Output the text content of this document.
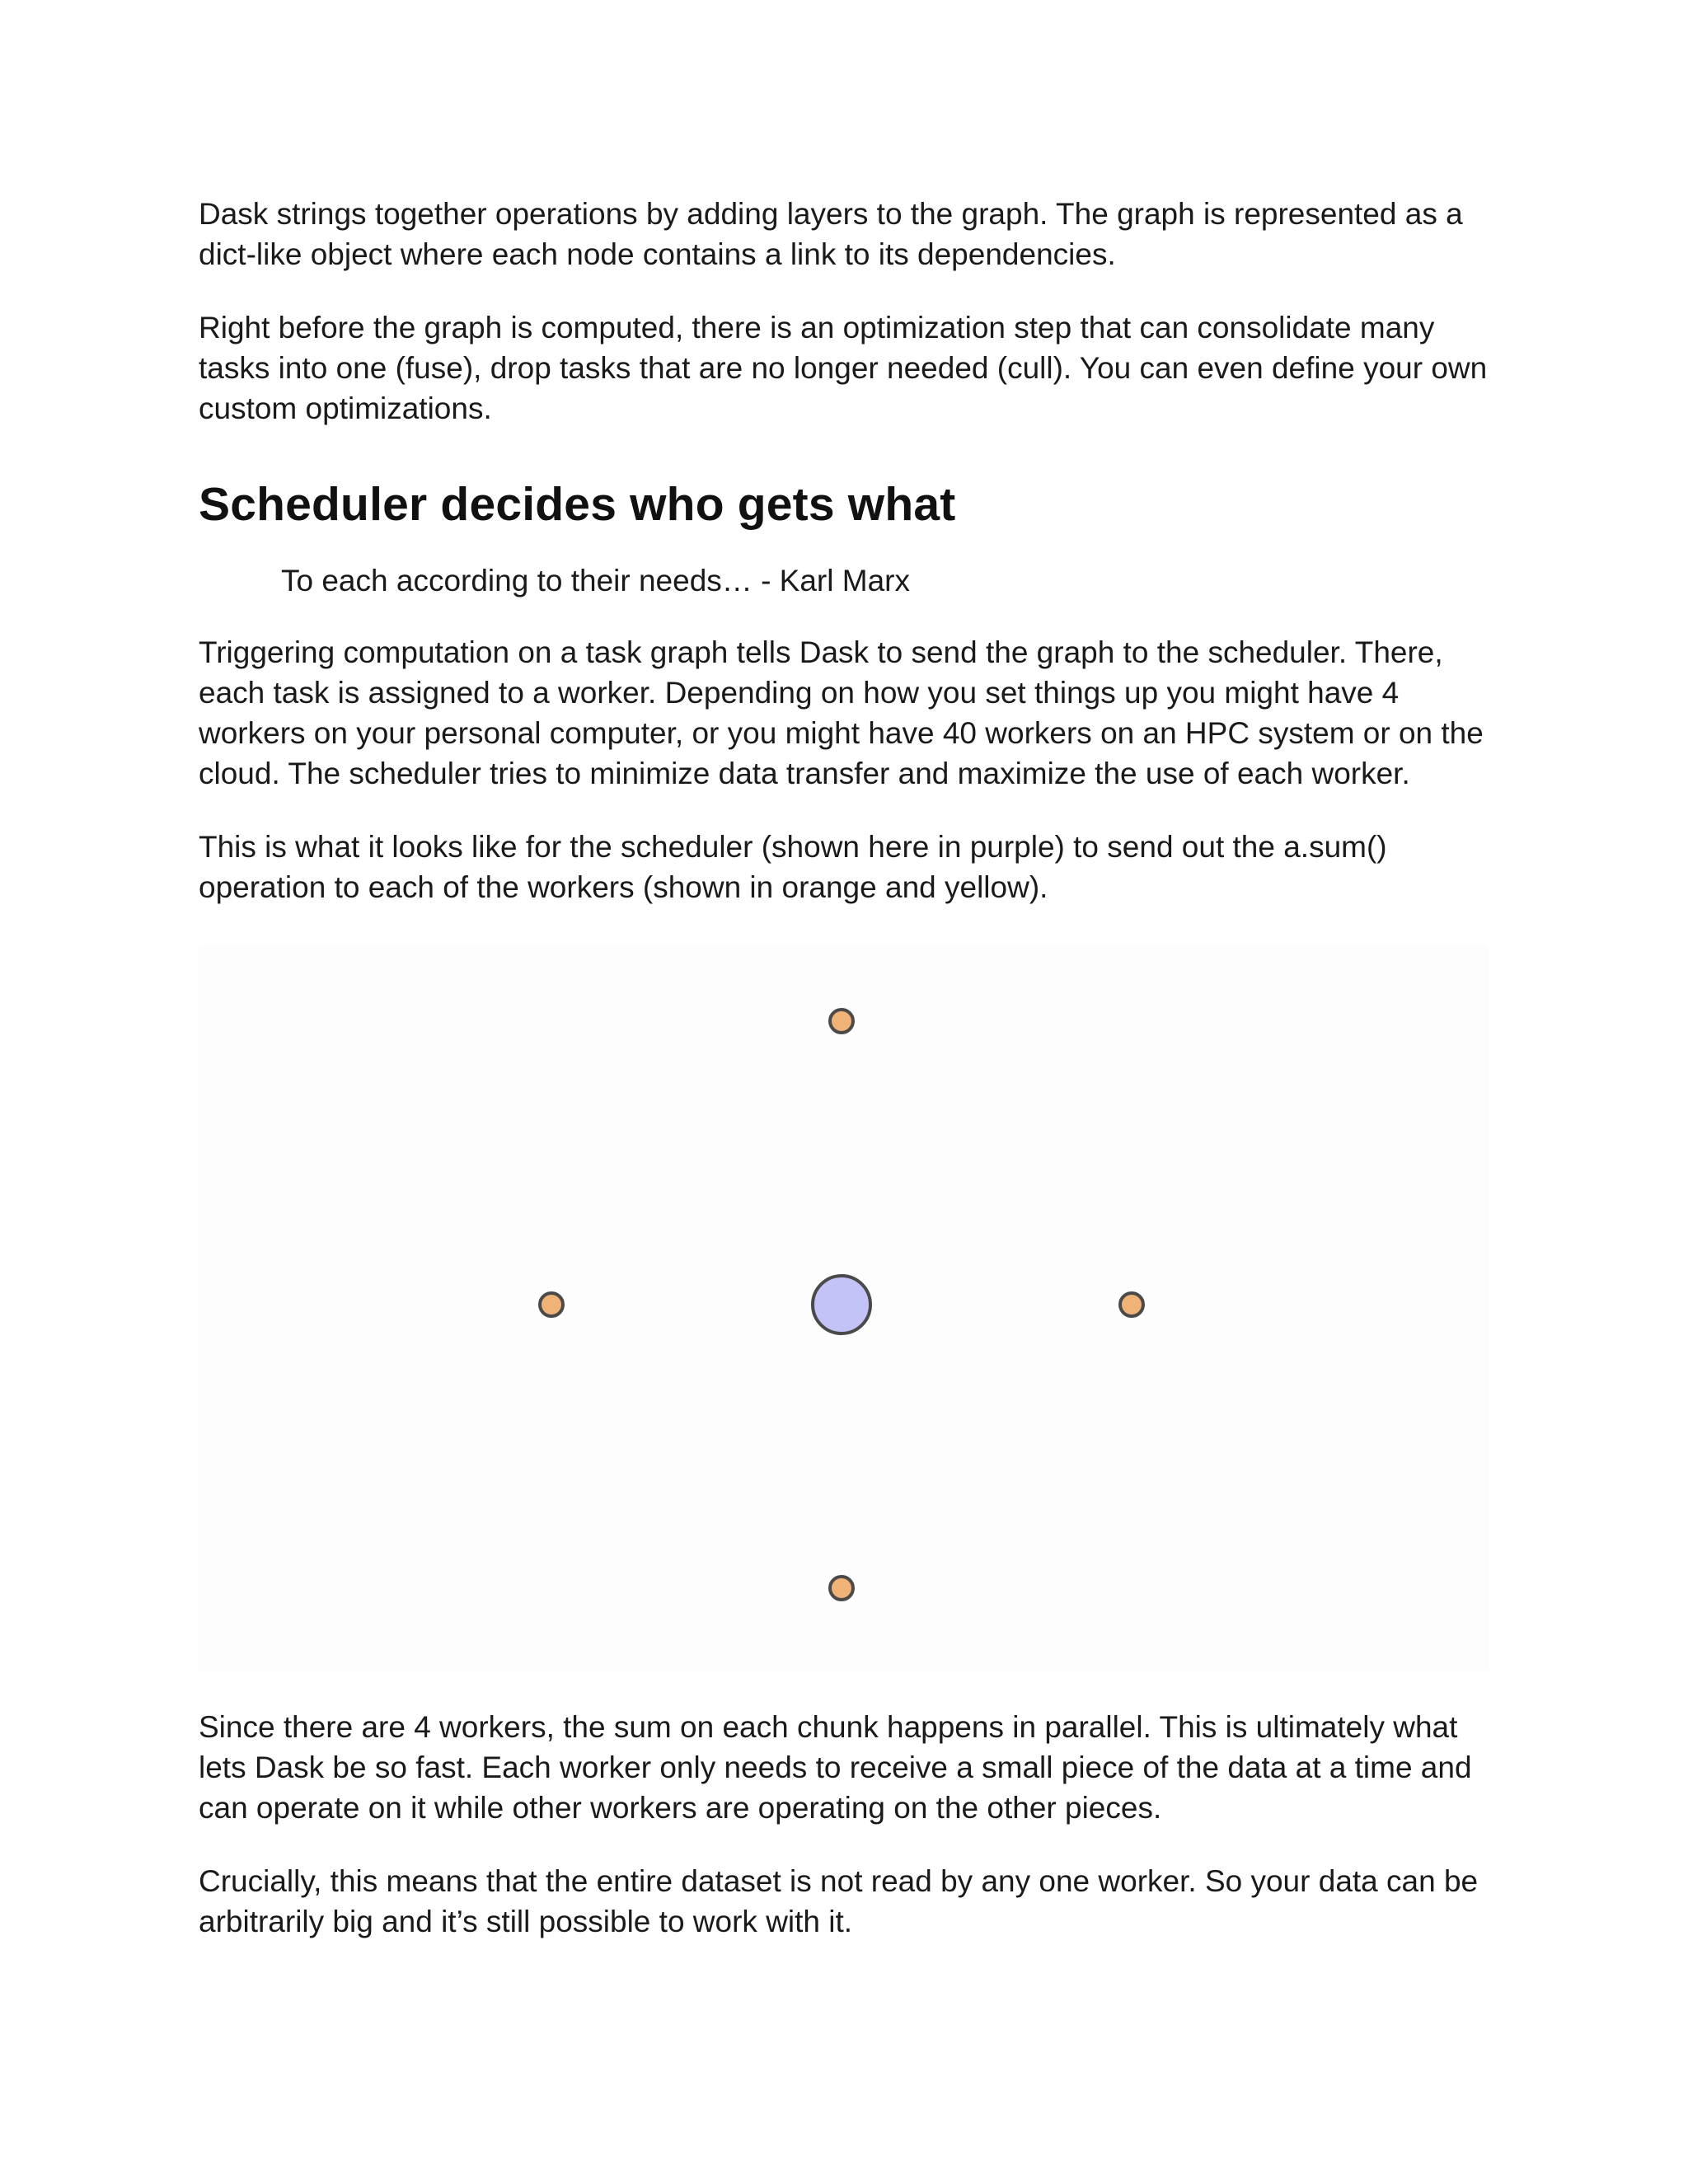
Dask strings together operations by adding layers to the graph. The graph is represented as a dict-like object where each node contains a link to its dependencies.

Right before the graph is computed, there is an optimization step that can consolidate many tasks into one (fuse), drop tasks that are no longer needed (cull). You can even define your own custom optimizations.

Scheduler decides who gets what
To each according to their needs… - Karl Marx

Triggering computation on a task graph tells Dask to send the graph to the scheduler. There, each task is assigned to a worker. Depending on how you set things up you might have 4 workers on your personal computer, or you might have 40 workers on an HPC system or on the cloud. The scheduler tries to minimize data transfer and maximize the use of each worker.

This is what it looks like for the scheduler (shown here in purple) to send out the a.sum() operation to each of the workers (shown in orange and yellow).

Since there are 4 workers, the sum on each chunk happens in parallel. This is ultimately what lets Dask be so fast. Each worker only needs to receive a small piece of the data at a time and can operate on it while other workers are operating on the other pieces.

Crucially, this means that the entire dataset is not read by any one worker. So your data can be arbitrarily big and it’s still possible to work with it.
